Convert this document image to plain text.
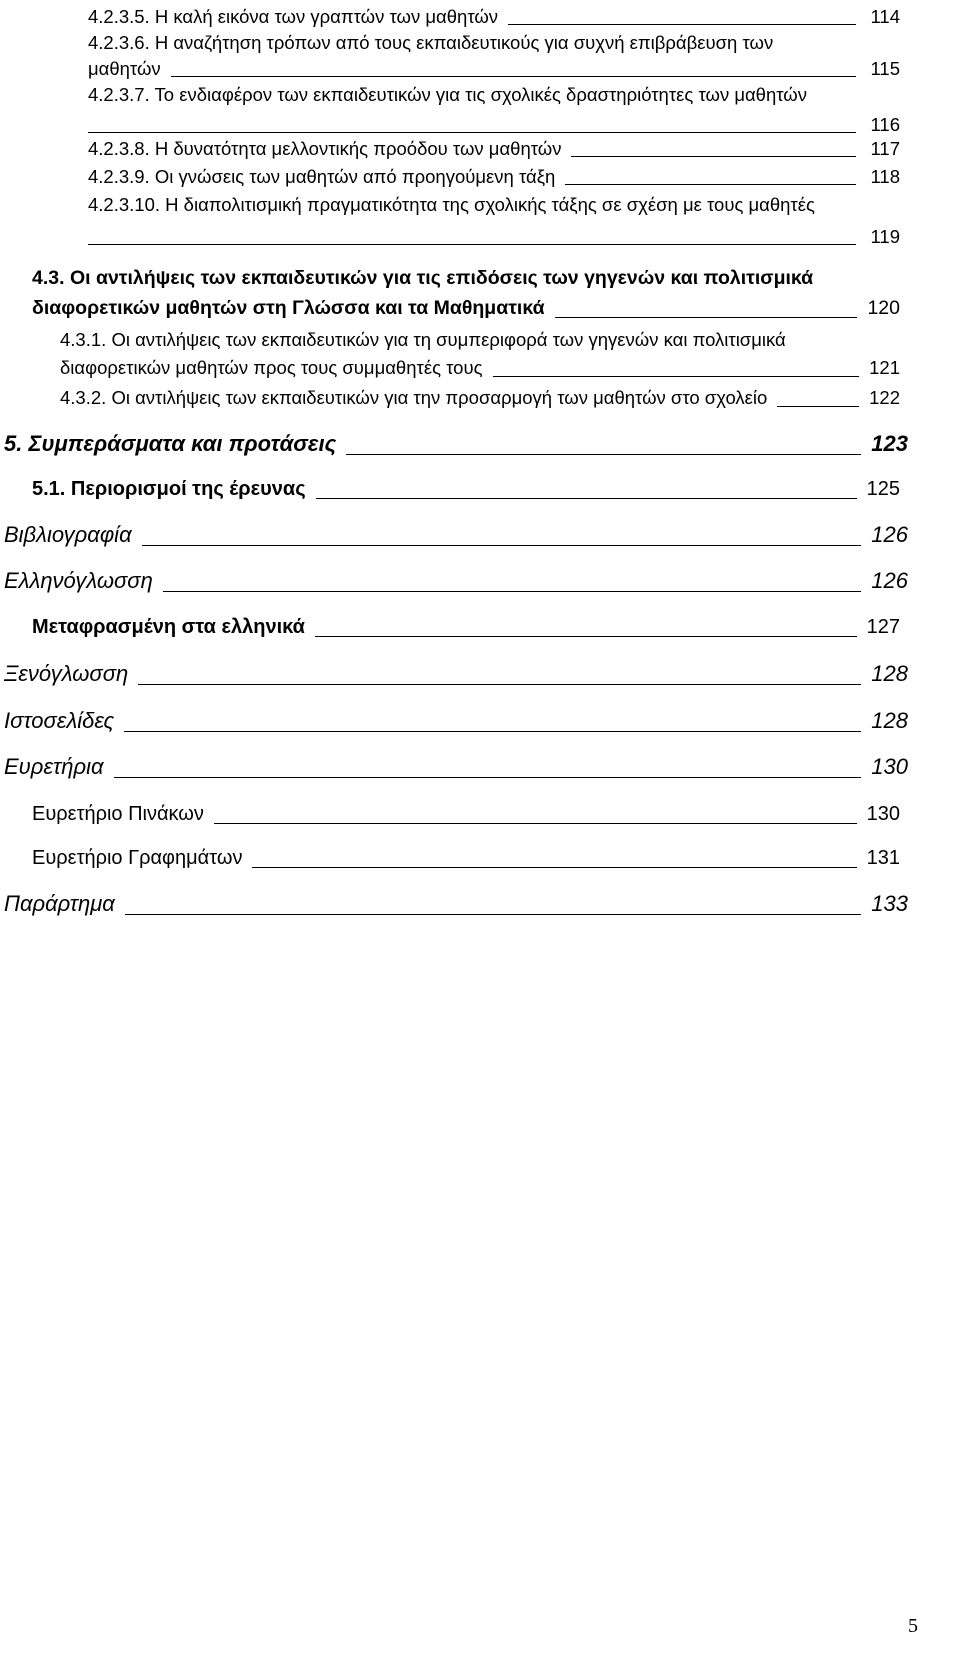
4.2.3.5. Η καλή εικόνα των γραπτών των μαθητών	114
4.2.3.6. Η αναζήτηση τρόπων από τους εκπαιδευτικούς για συχνή επιβράβευση των
μαθητών	115
4.2.3.7. Το ενδιαφέρον των εκπαιδευτικών για τις σχολικές δραστηριότητες των μαθητών
116
4.2.3.8. Η δυνατότητα μελλοντικής προόδου των μαθητών	117
4.2.3.9. Οι γνώσεις των μαθητών από προηγούμενη τάξη	118
4.2.3.10. Η διαπολιτισμική πραγματικότητα της σχολικής τάξης σε σχέση με τους μαθητές
119
4.3. Οι αντιλήψεις των εκπαιδευτικών για τις επιδόσεις των γηγενών και πολιτισμικά
διαφορετικών μαθητών στη Γλώσσα και τα Μαθηματικά	120
4.3.1. Οι αντιλήψεις των εκπαιδευτικών για τη συμπεριφορά των γηγενών και πολιτισμικά
διαφορετικών μαθητών προς τους συμμαθητές τους	121
4.3.2. Οι αντιλήψεις των εκπαιδευτικών για την προσαρμογή των μαθητών στο σχολείο	122
5. Συμπεράσματα και προτάσεις	123
5.1. Περιορισμοί της έρευνας	125
Βιβλιογραφία	126
Ελληνόγλωσση	126
Μεταφρασμένη στα ελληνικά	127
Ξενόγλωσση	128
Ιστοσελίδες	128
Ευρετήρια	130
Ευρετήριο Πινάκων	130
Ευρετήριο Γραφημάτων	131
Παράρτημα	133
5
